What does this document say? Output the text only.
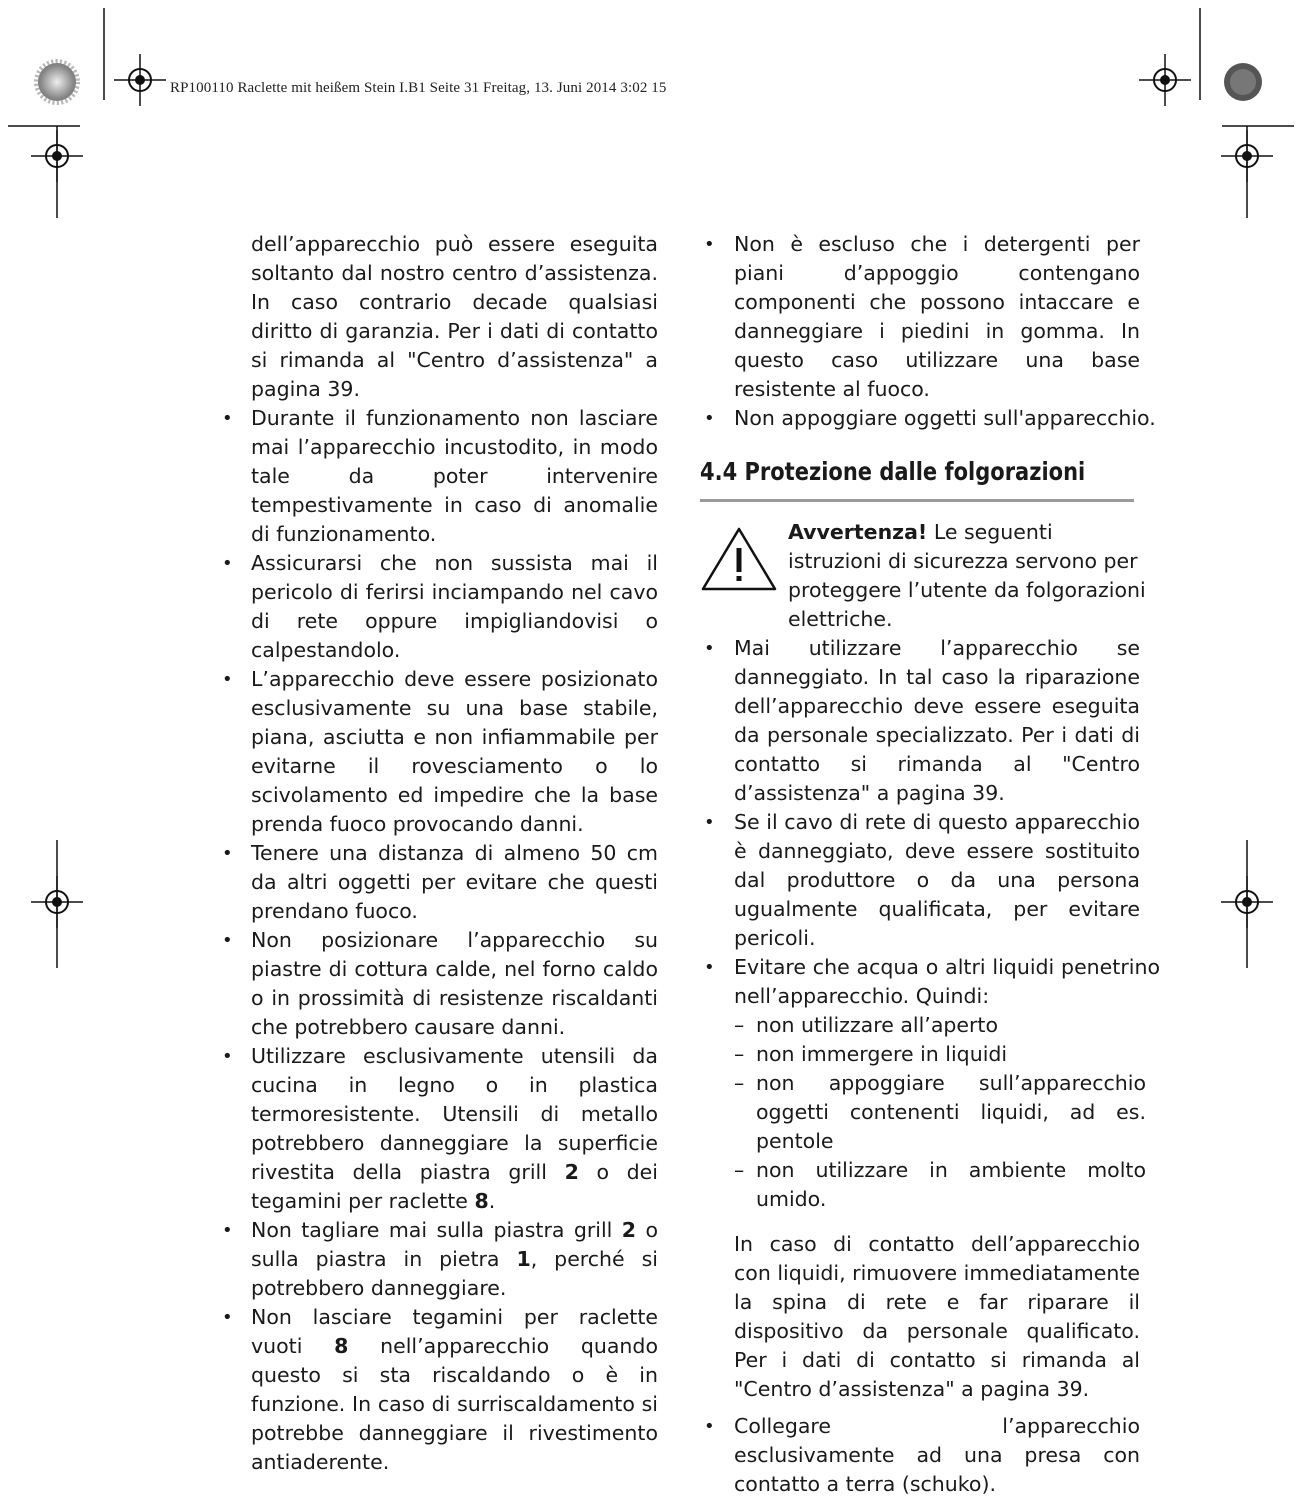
RP100110 Raclette mit heißem Stein I.B1 Seite 31 Freitag, 13. Juni 2014 3:02 15

dell’apparecchio può essere eseguita soltanto dal nostro centro d’assistenza. In caso contrario decade qualsiasi diritto di garanzia. Per i dati di contatto si rimanda al "Centro d’assistenza" a pagina 39.

• Durante il funzionamento non lasciare mai l’apparecchio incustodito, in modo tale da poter intervenire tempestivamente in caso di anomalie di funzionamento.

• Assicurarsi che non sussista mai il pericolo di ferirsi inciampando nel cavo di rete oppure impigliandovisi o calpestandolo.

• L’apparecchio deve essere posizionato esclusivamente su una base stabile, piana, asciutta e non infiammabile per evitarne il rovesciamento o lo scivolamento ed impedire che la base prenda fuoco provocando danni.

• Tenere una distanza di almeno 50 cm da altri oggetti per evitare che questi prendano fuoco.

• Non posizionare l’apparecchio su piastre di cottura calde, nel forno caldo o in prossimità di resistenze riscaldanti che potrebbero causare danni.

• Utilizzare esclusivamente utensili da cucina in legno o in plastica termoresistente. Utensili di metallo potrebbero danneggiare la superficie rivestita della piastra grill 2 o dei tegamini per raclette 8.

• Non tagliare mai sulla piastra grill 2 o sulla piastra in pietra 1, perché si potrebbero danneggiare.

• Non lasciare tegamini per raclette vuoti 8 nell’apparecchio quando questo si sta riscaldando o è in funzione. In caso di surriscaldamento si potrebbe danneggiare il rivestimento antiaderente.

• Non è escluso che i detergenti per piani d’appoggio contengano componenti che possono intaccare e danneggiare i piedini in gomma. In questo caso utilizzare una base resistente al fuoco.

• Non appoggiare oggetti sull'apparecchio.

4.4 Protezione dalle folgorazioni
Avvertenza! Le seguenti istruzioni di sicurezza servono per proteggere l’utente da folgorazioni elettriche.

• Mai utilizzare l’apparecchio se danneggiato. In tal caso la riparazione dell’apparecchio deve essere eseguita da personale specializzato. Per i dati di contatto si rimanda al "Centro d’assistenza" a pagina 39.

• Se il cavo di rete di questo apparecchio è danneggiato, deve essere sostituito dal produttore o da una persona ugualmente qualificata, per evitare pericoli.

• Evitare che acqua o altri liquidi penetrino nell’apparecchio. Quindi:

– non utilizzare all’aperto
– non immergere in liquidi
– non appoggiare sull’apparecchio oggetti contenenti liquidi, ad es. pentole
– non utilizzare in ambiente molto umido.

In caso di contatto dell’apparecchio con liquidi, rimuovere immediatamente la spina di rete e far riparare il dispositivo da personale qualificato. Per i dati di contatto si rimanda al "Centro d’assistenza" a pagina 39.

• Collegare l’apparecchio esclusivamente ad una presa con contatto a terra (schuko).
